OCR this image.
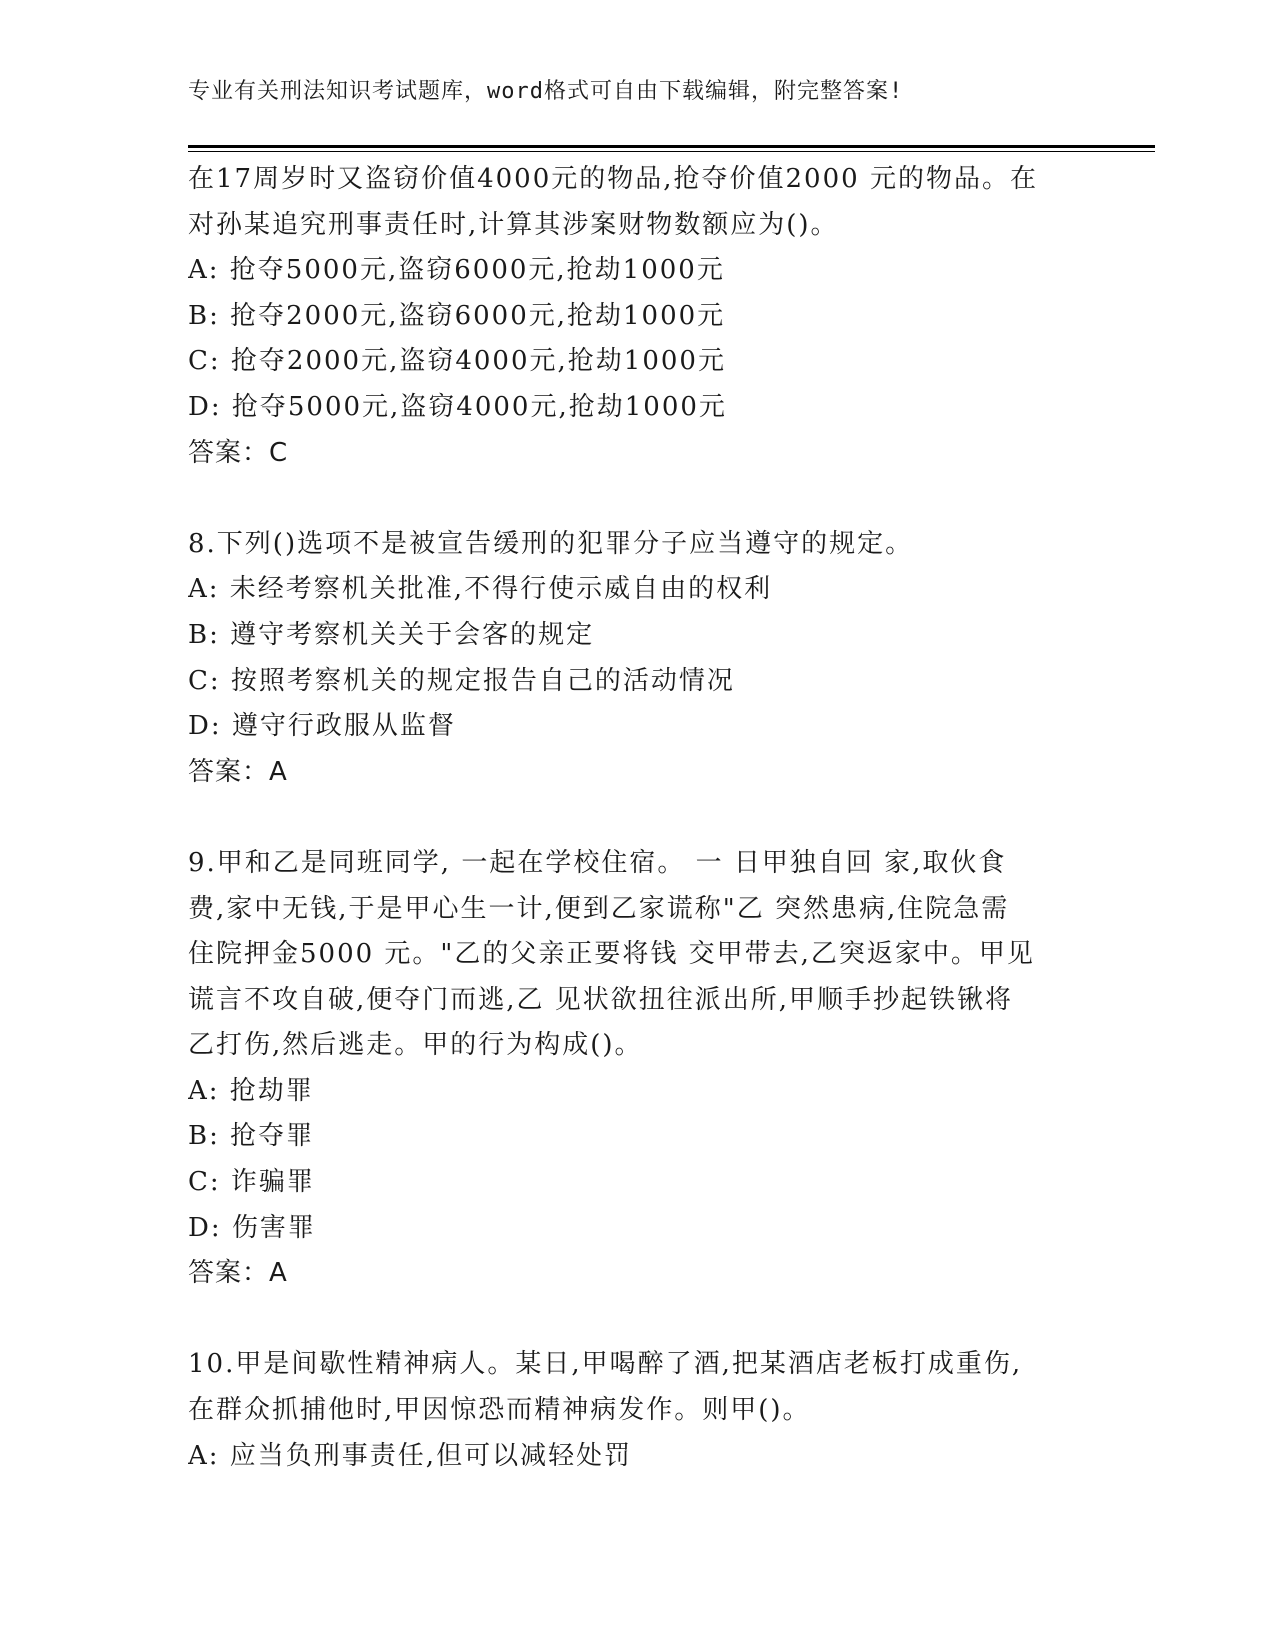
专业有关刑法知识考试题库，word格式可自由下载编辑，附完整答案!
在17周岁时又盗窃价值4000元的物品,抢夺价值2000 元的物品。在
对孙某追究刑事责任时,计算其涉案财物数额应为()。
A: 抢夺5000元,盗窃6000元,抢劫1000元
B: 抢夺2000元,盗窃6000元,抢劫1000元
C: 抢夺2000元,盗窃4000元,抢劫1000元
D: 抢夺5000元,盗窃4000元,抢劫1000元
答案：C
8.下列()选项不是被宣告缓刑的犯罪分子应当遵守的规定。
A: 未经考察机关批准,不得行使示威自由的权利
B: 遵守考察机关关于会客的规定
C: 按照考察机关的规定报告自己的活动情况
D: 遵守行政服从监督
答案：A
9.甲和乙是同班同学, 一起在学校住宿。 一 日甲独自回 家,取伙食
费,家中无钱,于是甲心生一计,便到乙家谎称"乙 突然患病,住院急需
住院押金5000 元。"乙的父亲正要将钱 交甲带去,乙突返家中。甲见
谎言不攻自破,便夺门而逃,乙 见状欲扭往派出所,甲顺手抄起铁锹将
乙打伤,然后逃走。甲的行为构成()。
A: 抢劫罪
B: 抢夺罪
C: 诈骗罪
D: 伤害罪
答案：A
10.甲是间歇性精神病人。某日,甲喝醉了酒,把某酒店老板打成重伤,
在群众抓捕他时,甲因惊恐而精神病发作。则甲()。
A: 应当负刑事责任,但可以减轻处罚
